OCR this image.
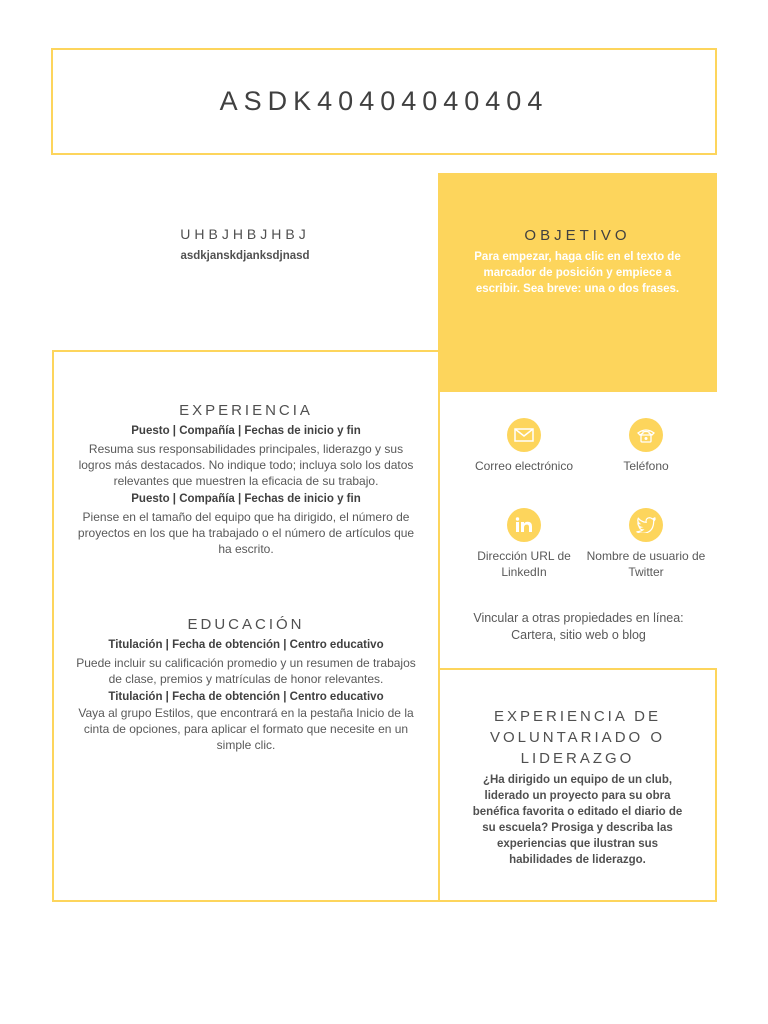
ASDK40404040404
UHBJHBJHBJ
asdkjanskdjanksdjnasd
OBJETIVO
Para empezar, haga clic en el texto de marcador de posición y empiece a escribir. Sea breve: una o dos frases.
EXPERIENCIA
Puesto | Compañía | Fechas de inicio y fin
Resuma sus responsabilidades principales, liderazgo y sus logros más destacados. No indique todo; incluya solo los datos relevantes que muestren la eficacia de su trabajo.
Puesto | Compañía | Fechas de inicio y fin
Piense en el tamaño del equipo que ha dirigido, el número de proyectos en los que ha trabajado o el número de artículos que ha escrito.
EDUCACIÓN
Titulación | Fecha de obtención | Centro educativo
Puede incluir su calificación promedio y un resumen de trabajos de clase, premios y matrículas de honor relevantes.
Titulación | Fecha de obtención | Centro educativo
Vaya al grupo Estilos, que encontrará en la pestaña Inicio de la cinta de opciones, para aplicar el formato que necesite en un simple clic.
Correo electrónico	Teléfono
Dirección URL de LinkedIn
Nombre de usuario de Twitter
Vincular a otras propiedades en línea: Cartera, sitio web o blog
EXPERIENCIA DE VOLUNTARIADO O LIDERAZGO
¿Ha dirigido un equipo de un club, liderado un proyecto para su obra benéfica favorita o editado el diario de su escuela? Prosiga y describa las experiencias que ilustran sus habilidades de liderazgo.
